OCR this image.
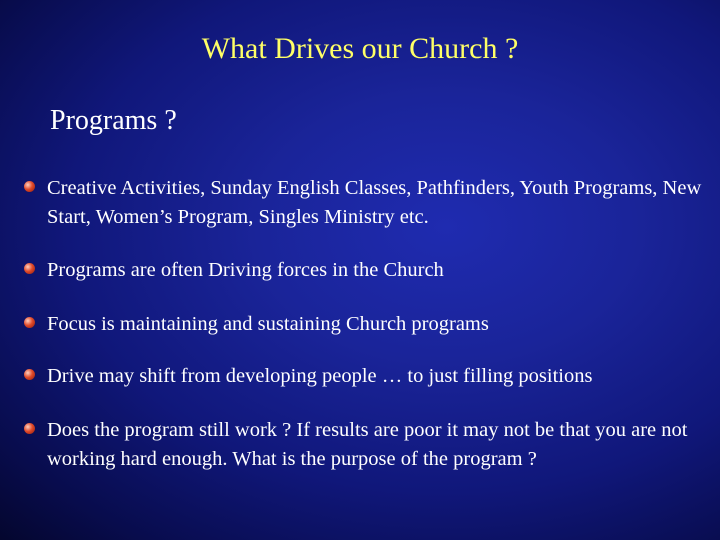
What Drives our Church ?
Programs ?
Creative Activities, Sunday English Classes, Pathfinders, Youth Programs, New Start, Women’s Program, Singles Ministry etc.
Programs are often Driving forces in the Church
Focus is maintaining and sustaining Church programs
Drive may shift from developing people … to just filling positions
Does the program still work ? If results are poor it may not be that you are not working hard enough. What is the purpose of the program ?
